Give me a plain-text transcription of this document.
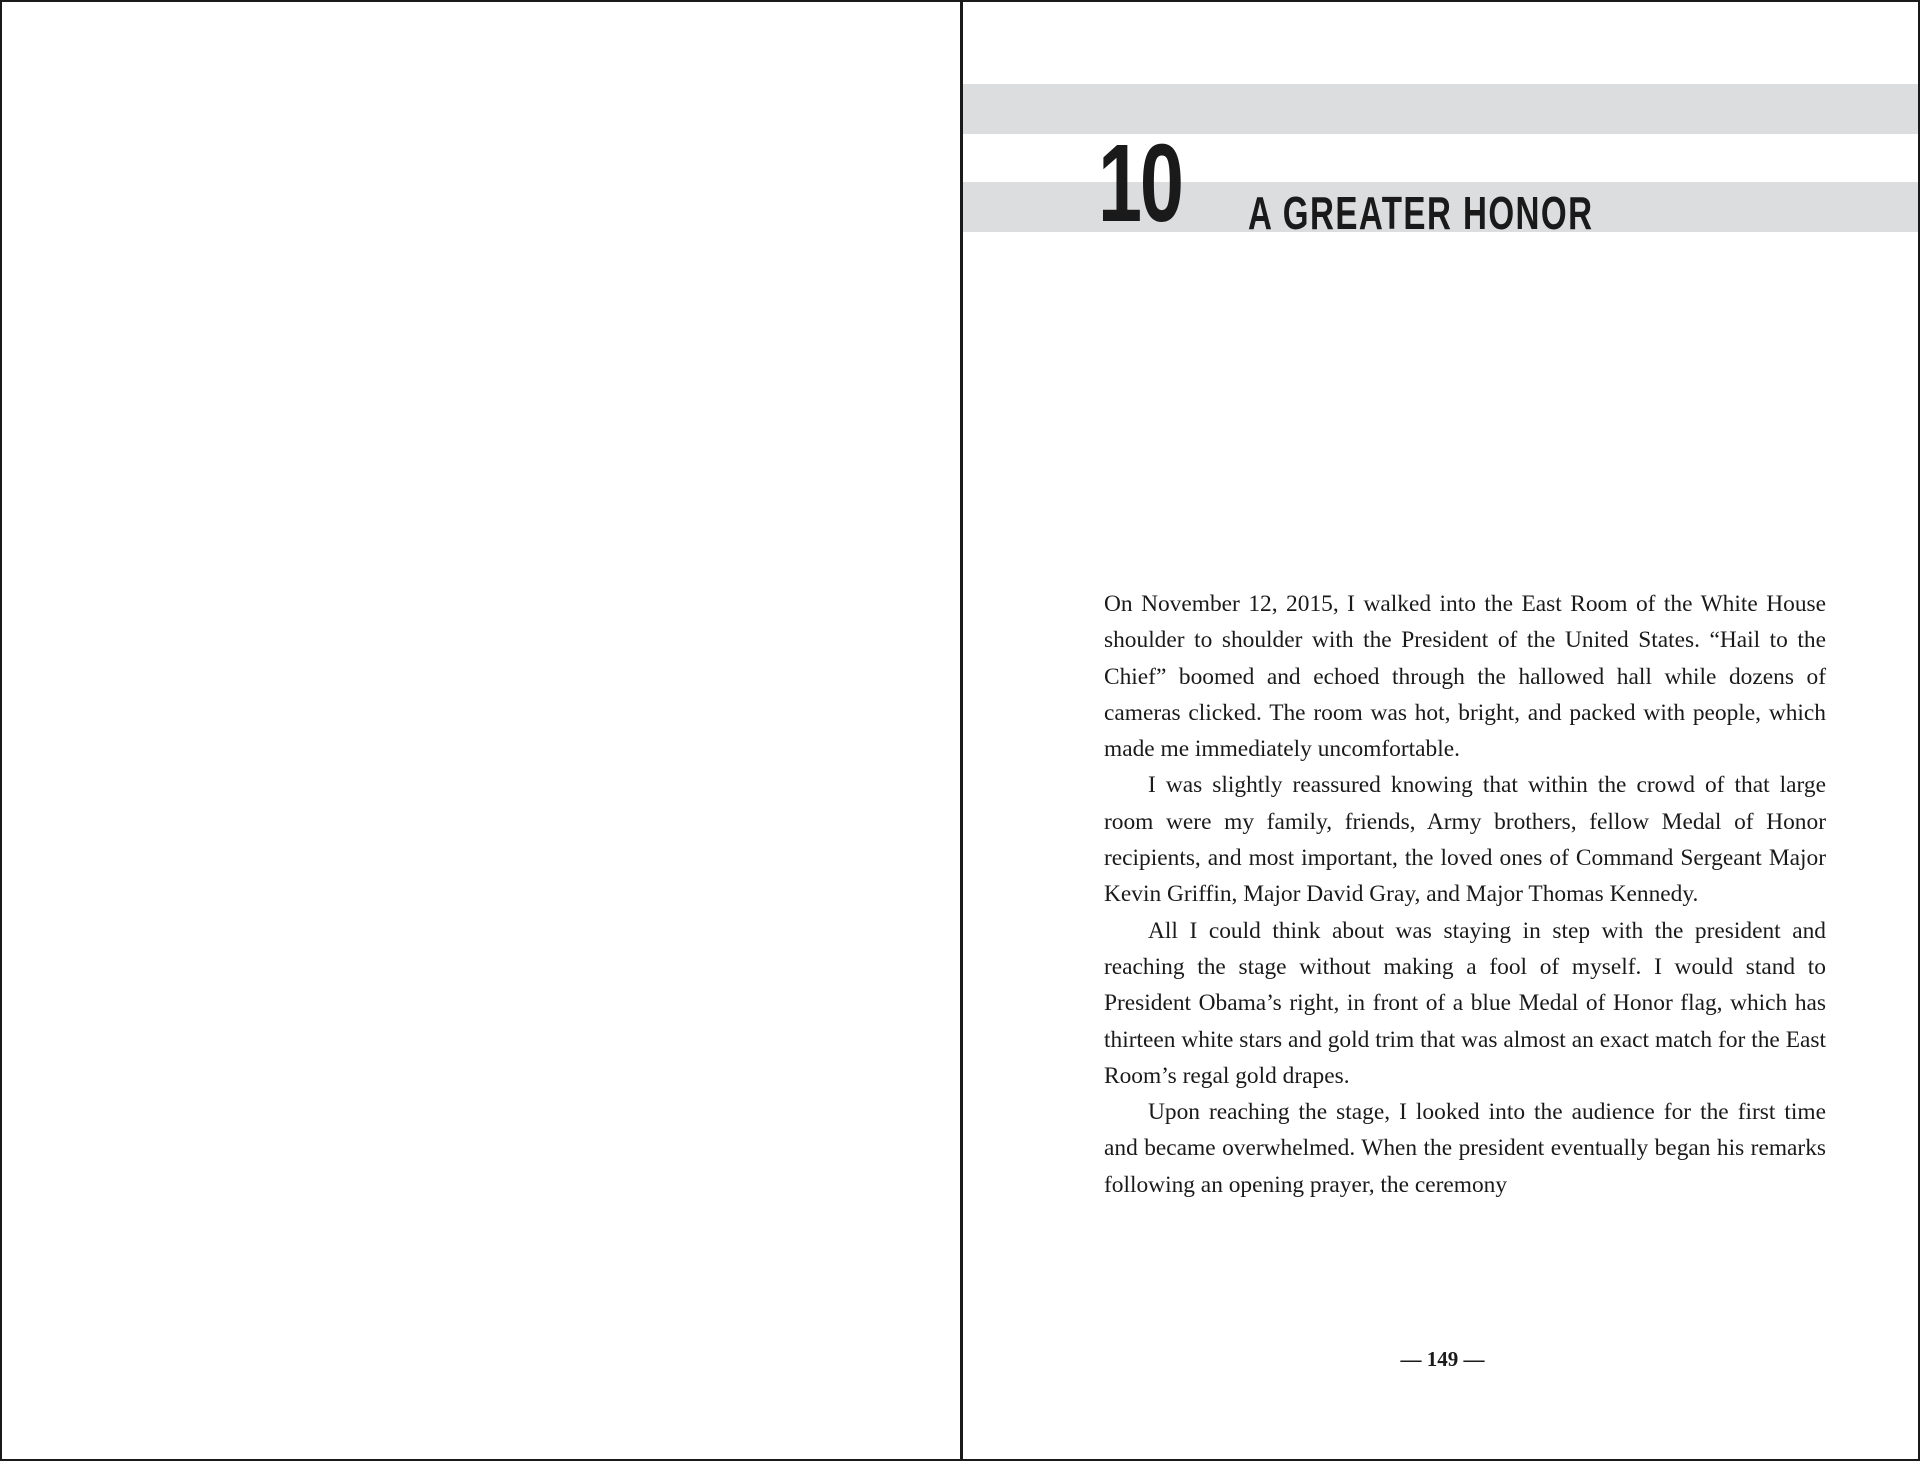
10 A GREATER HONOR

On November 12, 2015, I walked into the East Room of the White House shoulder to shoulder with the President of the United States. “Hail to the Chief” boomed and echoed through the hallowed hall while dozens of cameras clicked. The room was hot, bright, and packed with people, which made me immediately uncomfortable.

I was slightly reassured knowing that within the crowd of that large room were my family, friends, Army brothers, fellow Medal of Honor recipients, and most important, the loved ones of Command Sergeant Major Kevin Griffin, Major David Gray, and Major Thomas Kennedy.

All I could think about was staying in step with the president and reaching the stage without making a fool of myself. I would stand to President Obama’s right, in front of a blue Medal of Honor flag, which has thirteen white stars and gold trim that was almost an exact match for the East Room’s regal gold drapes.

Upon reaching the stage, I looked into the audience for the first time and became overwhelmed. When the president eventually began his remarks following an opening prayer, the ceremony

— 149 —
